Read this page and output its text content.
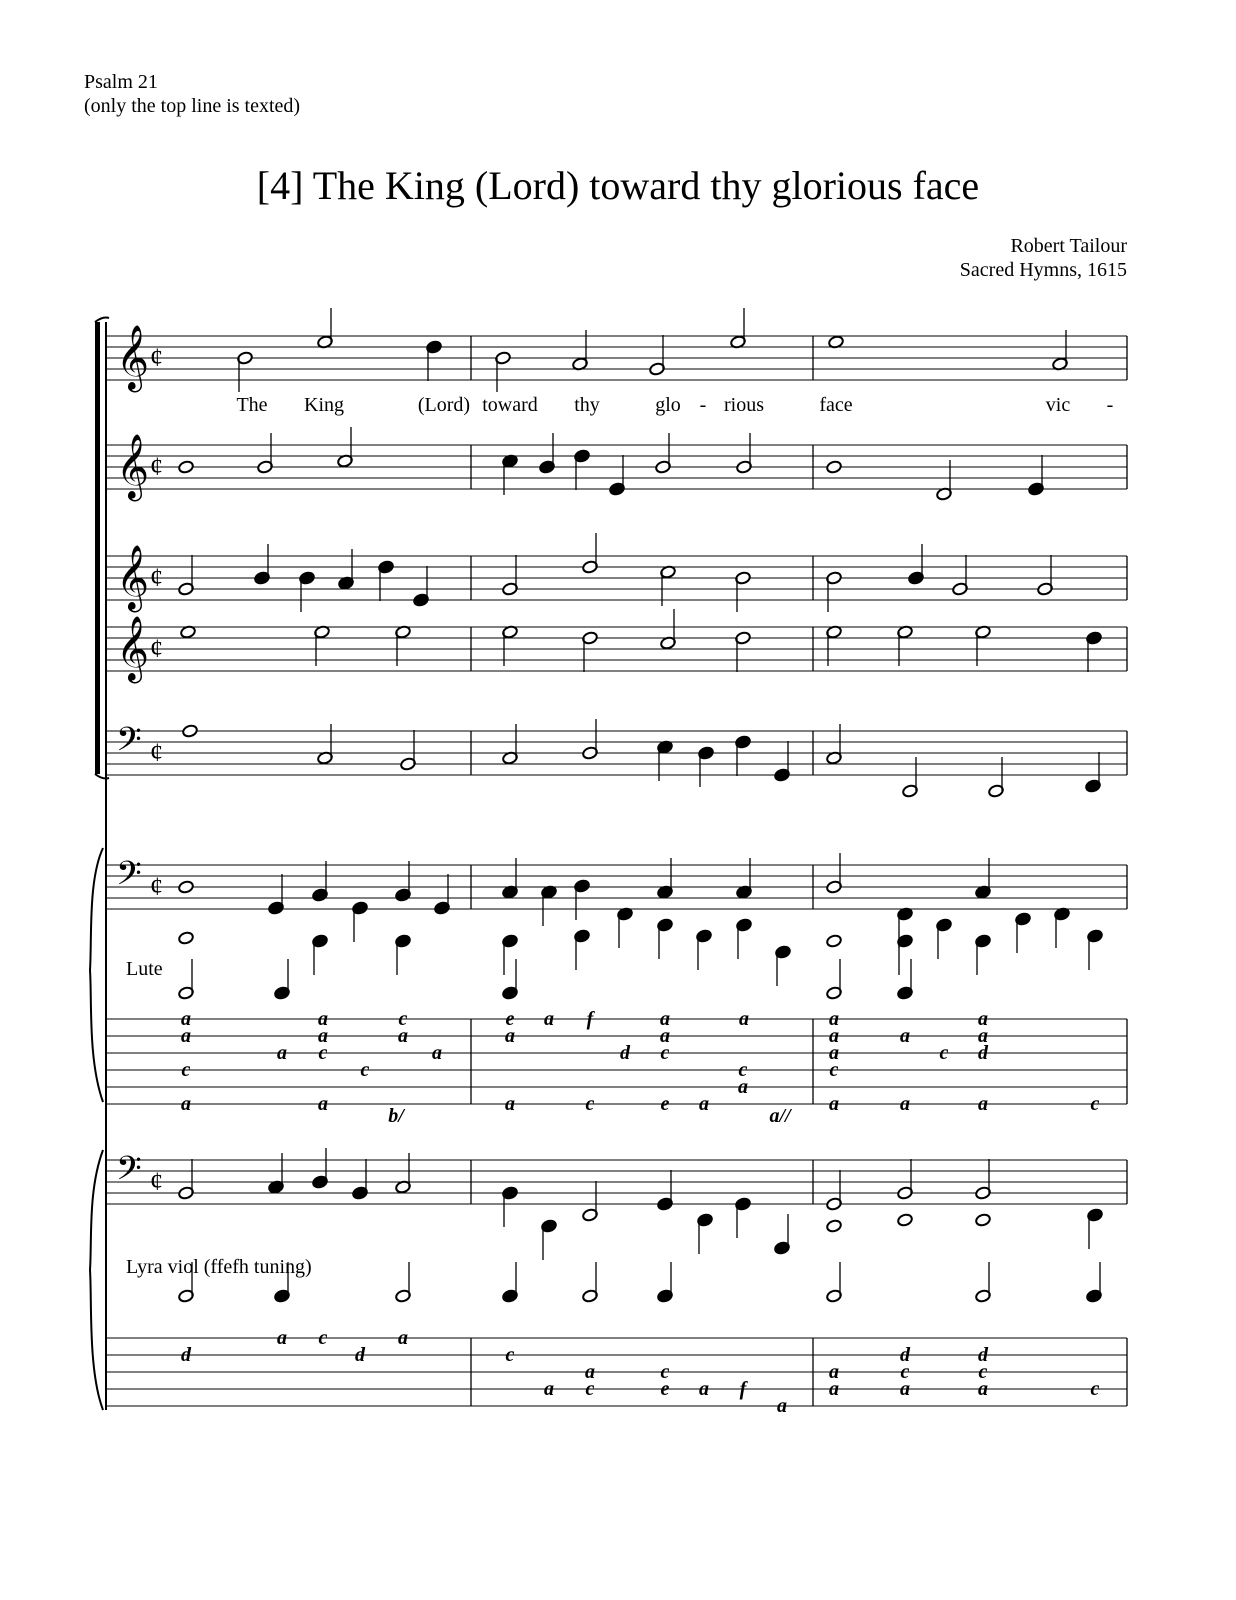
Psalm 21
(only the top line is texted)
[4] The King (Lord) toward thy glorious face
Robert Tailour
Sacred Hymns, 1615
𝄞 ¢
𝄞 ¢
𝄞 ¢
𝄞 ¢
𝄢 ¢
𝄢 ¢
𝄢 ¢
a	a	c	e a f	a	a	a	a
a	a	a	a	a	a	a	a
a c	a	d c	a	c d
c	c	c	c
a
a	a	a	c	e a	a	a	a	c
a c	a
d	d	c	d	d
a	c	a	c	c
a c	e a f	a	a	a	c
a
The King	(Lord) toward thy	glo - rious	face	vic -
Lute
Lyra viol (ffefh tuning)
b/	a//
